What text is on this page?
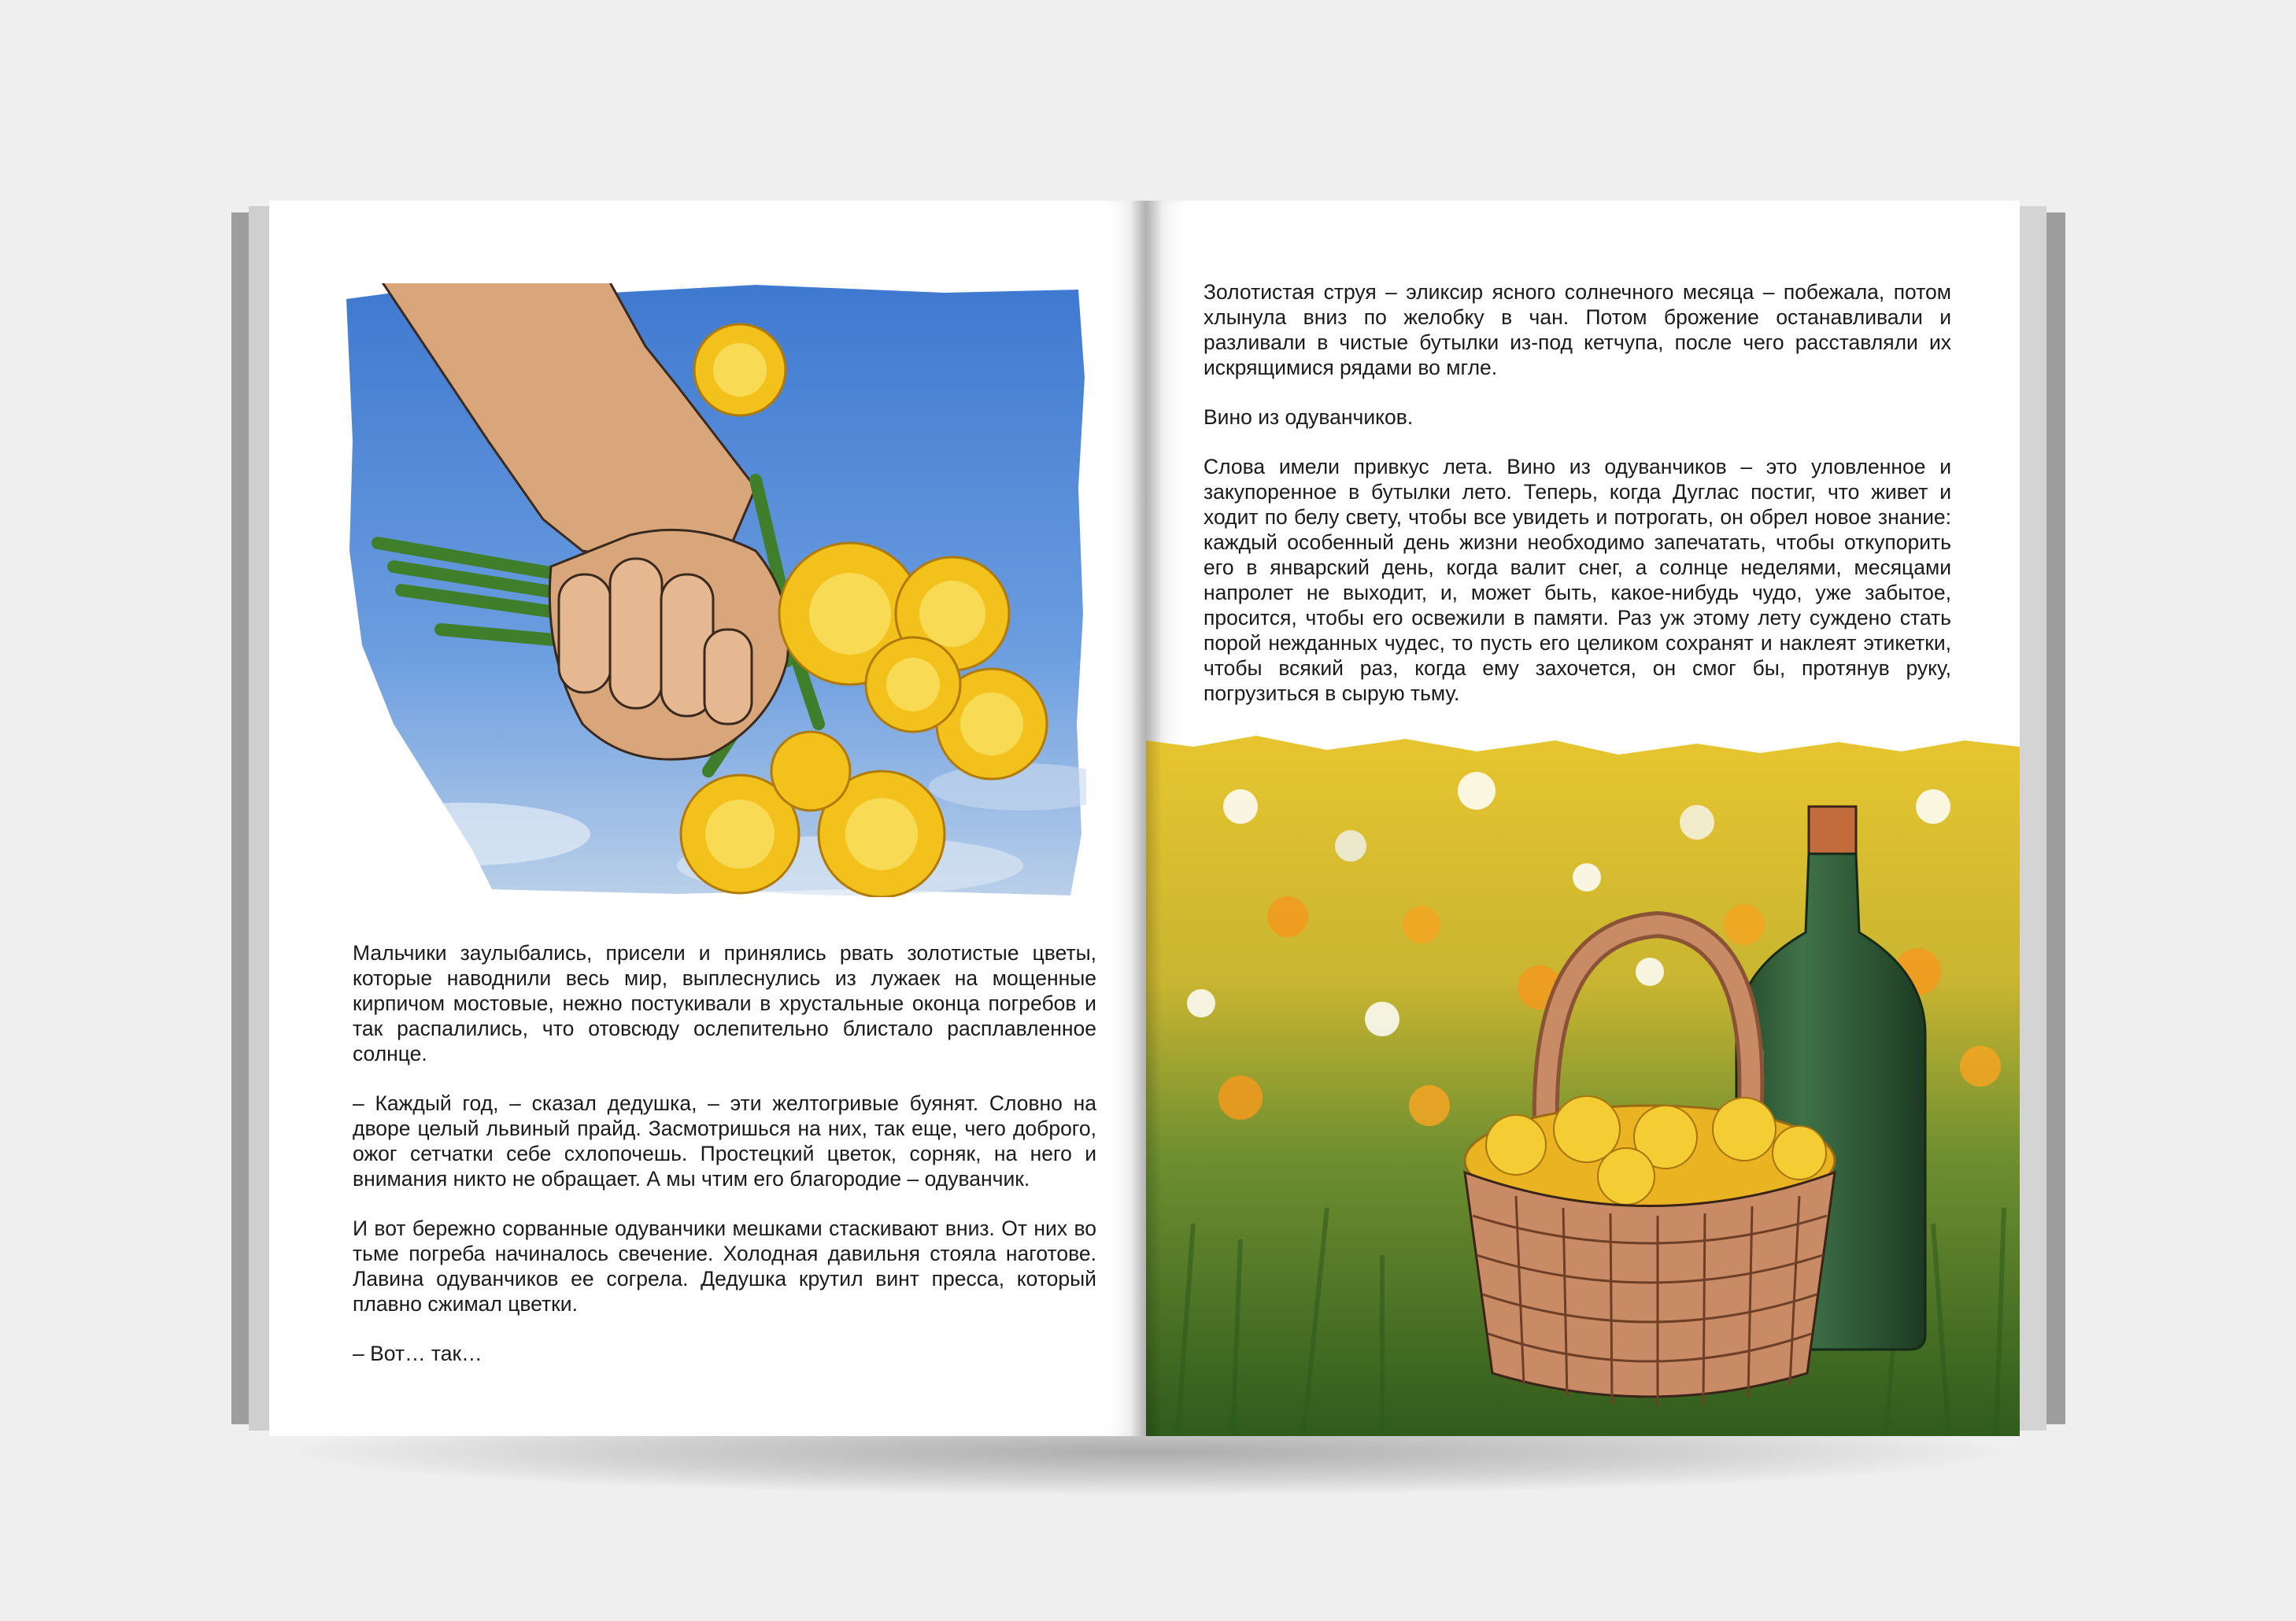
Мальчики заулыбались, присели и принялись рвать золотистые цветы, которые наводнили весь мир, выплеснулись из лужаек на мощенные кирпичом мостовые, нежно постукивали в хрустальные оконца погребов и так распалились, что отовсюду ослепительно блистало расплавленное солнце.

– Каждый год, – сказал дедушка, – эти желтогривые буянят. Словно на дворе целый львиный прайд. Засмотришься на них, так еще, чего доброго, ожог сетчатки себе схлопочешь. Простецкий цветок, сорняк, на него и внимания никто не обращает. А мы чтим его благородие – одуванчик.

И вот бережно сорванные одуванчики мешками стаскивают вниз. От них во тьме погреба начиналось свечение. Холодная давильня стояла наготове. Лавина одуванчиков ее согрела. Дедушка крутил винт пресса, который плавно сжимал цветки.

– Вот… так…

Золотистая струя – эликсир ясного солнечного месяца – побежала, потом хлынула вниз по желобку в чан. Потом брожение останавливали и разливали в чистые бутылки из-под кетчупа, после чего расставляли их искрящимися рядами во мгле.

Вино из одуванчиков.

Слова имели привкус лета. Вино из одуванчиков – это уловленное и закупоренное в бутылки лето. Теперь, когда Дуглас постиг, что живет и ходит по белу свету, чтобы все увидеть и потрогать, он обрел новое знание: каждый особенный день жизни необходимо запечатать, чтобы откупорить его в январский день, когда валит снег, а солнце неделями, месяцами напролет не выходит, и, может быть, какое-нибудь чудо, уже забытое, просится, чтобы его освежили в памяти. Раз уж этому лету суждено стать порой нежданных чудес, то пусть его целиком сохранят и наклеят этикетки, чтобы всякий раз, когда ему захочется, он смог бы, протянув руку, погрузиться в сырую тьму.
